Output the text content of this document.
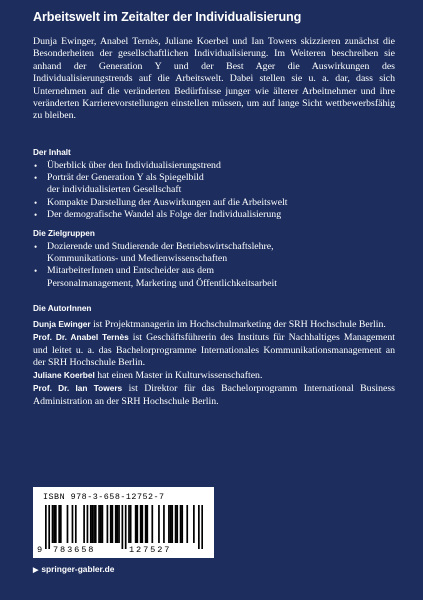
Arbeitswelt im Zeitalter der Individualisierung
Dunja Ewinger, Anabel Ternès, Juliane Koerbel und Ian Towers skizzieren zunächst die Besonderheiten der gesellschaftlichen Individualisierung. Im Weiteren beschreiben sie anhand der Generation Y und der Best Ager die Auswirkungen des Individualisierungstrends auf die Arbeitswelt. Dabei stellen sie u. a. dar, dass sich Unternehmen auf die veränderten Bedürfnisse junger wie älterer Arbeitnehmer und ihre veränderten Karrierevorstellungen einstellen müssen, um auf lange Sicht wettbewerbsfähig zu bleiben.
Der Inhalt
• Überblick über den Individualisierungstrend
• Porträt der Generation Y als Spiegelbild
der individualisierten Gesellschaft
• Kompakte Darstellung der Auswirkungen auf die Arbeitswelt
• Der demografische Wandel als Folge der Individualisierung
Die Zielgruppen
• Dozierende und Studierende der Betriebswirtschaftslehre,
Kommunikations- und Medienwissenschaften
• MitarbeiterInnen und Entscheider aus dem
Personalmanagement, Marketing und Öffentlichkeitsarbeit
Die AutorInnen

Dunja Ewinger ist Projektmanagerin im Hochschulmarketing der SRH Hochschule Berlin.

Prof. Dr. Anabel Ternès ist Geschäftsführerin des Instituts für Nachhaltiges Management und leitet u. a. das Bachelorprogramme Internationales Kommunikationsmanagement an der SRH Hochschule Berlin.

Juliane Koerbel hat einen Master in Kulturwissenschaften.

Prof. Dr. Ian Towers ist Direktor für das Bachelorprogramm International Business Administration an der SRH Hochschule Berlin.

ISBN 978-3-658-12752-7
9 783658	127527
▶ springer-gabler.de
